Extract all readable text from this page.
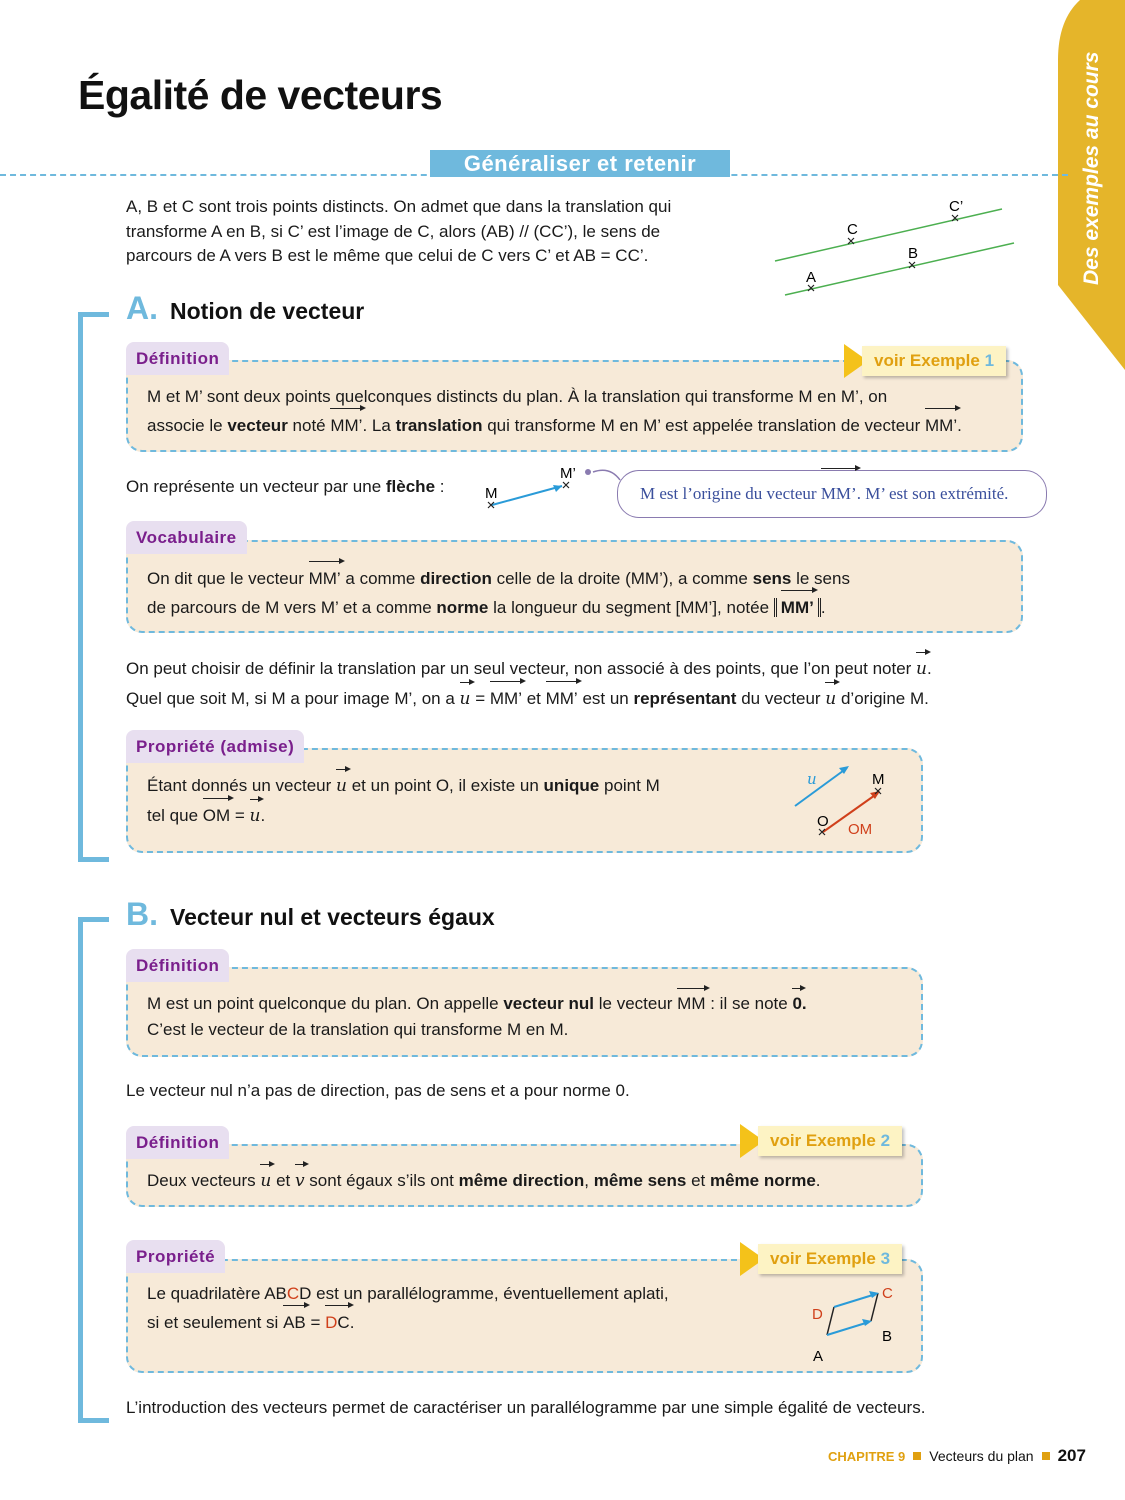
Égalité de vecteurs	Des exemples au cours
Généraliser et retenir
A, B et C sont trois points distincts. On admet que dans la translation qui transforme A en B, si C’ est l’image de C, alors (AB) // (CC’), le sens de parcours de A vers B est le même que celui de C vers C’ et AB = CC’.
C
C’
A
B
A. Notion de vecteur
Définition	voir Exemple 1
M et M’ sont deux points quelconques distincts du plan. À la translation qui transforme M en M’, on
associe le vecteur noté MM’. La translation qui transforme M en M’ est appelée translation de vecteur MM’.
On représente un vecteur par une flèche :	M
M’
M est l’origine du vecteur MM’. M’ est son extrémité.
Vocabulaire
On dit que le vecteur MM’ a comme direction celle de la droite (MM’), a comme sens le sens
de parcours de M vers M’ et a comme norme la longueur du segment [MM’], notée MM’ .
On peut choisir de définir la translation par un seul vecteur, non associé à des points, que l’on peut noter u.
Quel que soit M, si M a pour image M’, on a u = MM’ et MM’ est un représentant du vecteur u d’origine M.
Propriété (admise)
Étant donnés un vecteur u et un point O, il existe un unique point M
tel que OM = u.
u	M
O OM
B. Vecteur nul et vecteurs égaux
Définition
M est un point quelconque du plan. On appelle vecteur nul le vecteur MM : il se note 0.
C’est le vecteur de la translation qui transforme M en M.
Le vecteur nul n’a pas de direction, pas de sens et a pour norme 0.
Définition	voir Exemple 2
Deux vecteurs u et v sont égaux s’ils ont même direction, même sens et même norme.
Propriété	voir Exemple 3
Le quadrilatère ABCD est un parallélogramme, éventuellement aplati,
si et seulement si AB = DC.	D
C
B
A
L’introduction des vecteurs permet de caractériser un parallélogramme par une simple égalité de vecteurs.
CHAPITRE 9 Vecteurs du plan 207
